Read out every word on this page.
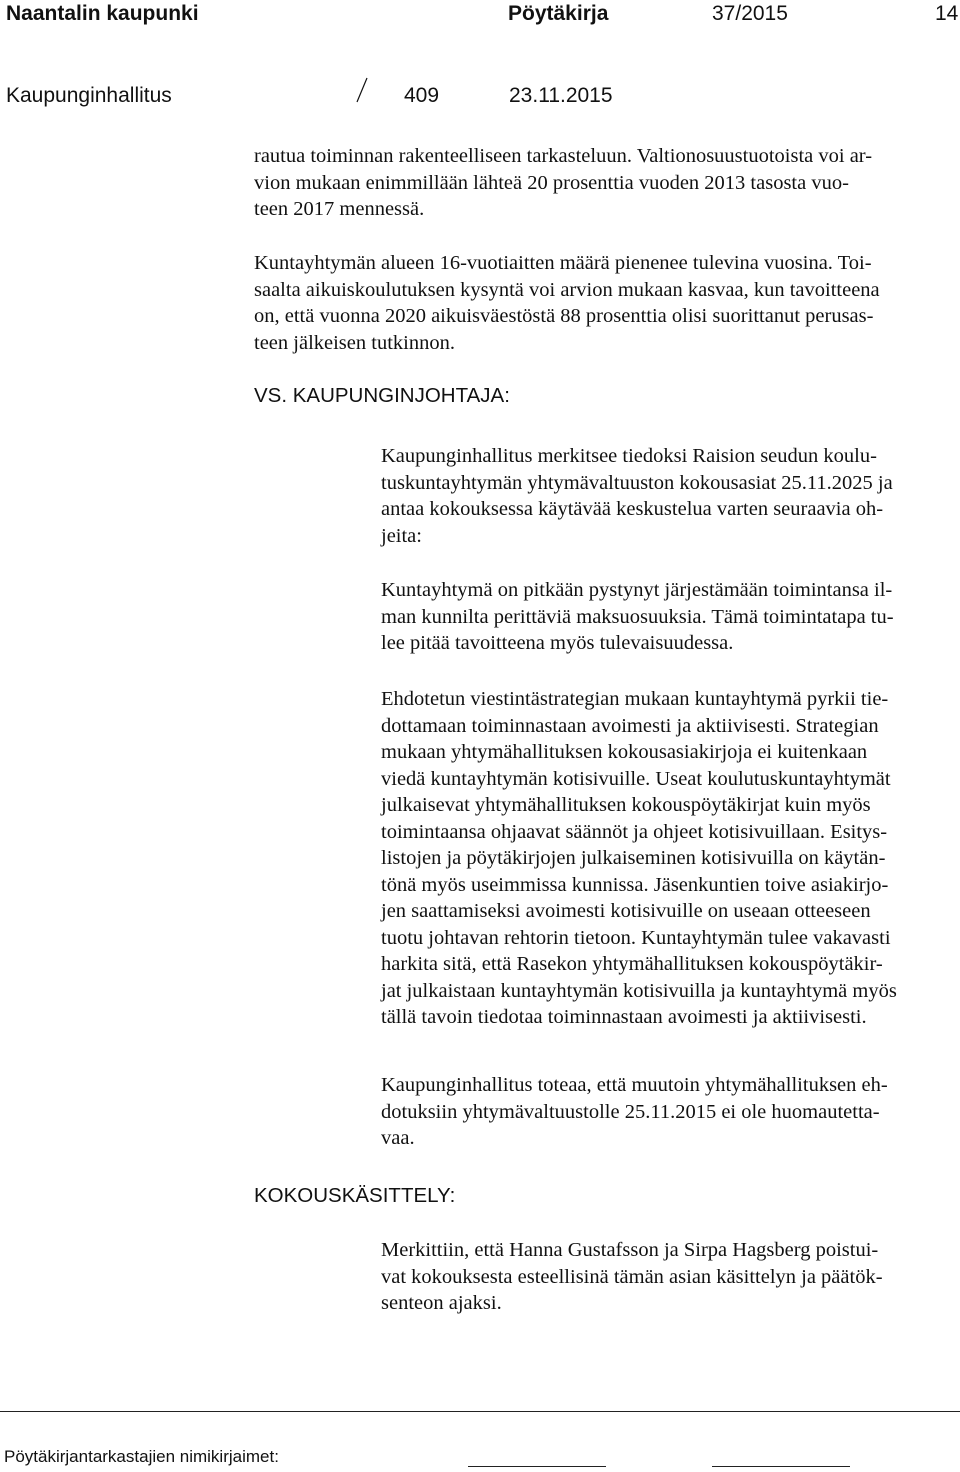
Naantalin kaupunki	Pöytäkirja	37/2015	14
Kaupunginhallitus	409	23.11.2015
rautua toiminnan rakenteelliseen tarkasteluun. Valtionosuustuotoista voi ar-
vion mukaan enimmillään lähteä 20 prosenttia vuoden 2013 tasosta vuo-
teen 2017 mennessä.
Kuntayhtymän alueen 16-vuotiaitten määrä pienenee tulevina vuosina. Toi-
saalta aikuiskoulutuksen kysyntä voi arvion mukaan kasvaa, kun tavoitteena
on, että vuonna 2020 aikuisväestöstä 88 prosenttia olisi suorittanut perusas-
teen jälkeisen tutkinnon.
VS. KAUPUNGINJOHTAJA:
Kaupunginhallitus merkitsee tiedoksi Raision seudun koulu-
tuskuntayhtymän yhtymävaltuuston kokousasiat 25.11.2025 ja
antaa kokouksessa käytävää keskustelua varten seuraavia oh-
jeita:
Kuntayhtymä on pitkään pystynyt järjestämään toimintansa il-
man kunnilta perittäviä maksuosuuksia. Tämä toimintatapa tu-
lee pitää tavoitteena myös tulevaisuudessa.
Ehdotetun viestintästrategian mukaan kuntayhtymä pyrkii tie-
dottamaan toiminnastaan avoimesti ja aktiivisesti. Strategian
mukaan yhtymähallituksen kokousasiakirjoja ei kuitenkaan
viedä kuntayhtymän kotisivuille. Useat koulutuskuntayhtymät
julkaisevat yhtymähallituksen kokouspöytäkirjat kuin myös
toimintaansa ohjaavat säännöt ja ohjeet kotisivuillaan. Esitys-
listojen ja pöytäkirjojen julkaiseminen kotisivuilla on käytän-
tönä myös useimmissa kunnissa. Jäsenkuntien toive asiakirjo-
jen saattamiseksi avoimesti kotisivuille on useaan otteeseen
tuotu johtavan rehtorin tietoon. Kuntayhtymän tulee vakavasti
harkita sitä, että Rasekon yhtymähallituksen kokouspöytäkir-
jat julkaistaan kuntayhtymän kotisivuilla ja kuntayhtymä myös
tällä tavoin tiedotaa toiminnastaan avoimesti ja aktiivisesti.
Kaupunginhallitus toteaa, että muutoin yhtymähallituksen eh-
dotuksiin yhtymävaltuustolle 25.11.2015 ei ole huomautetta-
vaa.
KOKOUSKÄSITTELY:
Merkittiin, että Hanna Gustafsson ja Sirpa Hagsberg poistui-
vat kokouksesta esteellisinä tämän asian käsittelyn ja päätök-
senteon ajaksi.
Pöytäkirjantarkastajien nimikirjaimet:
